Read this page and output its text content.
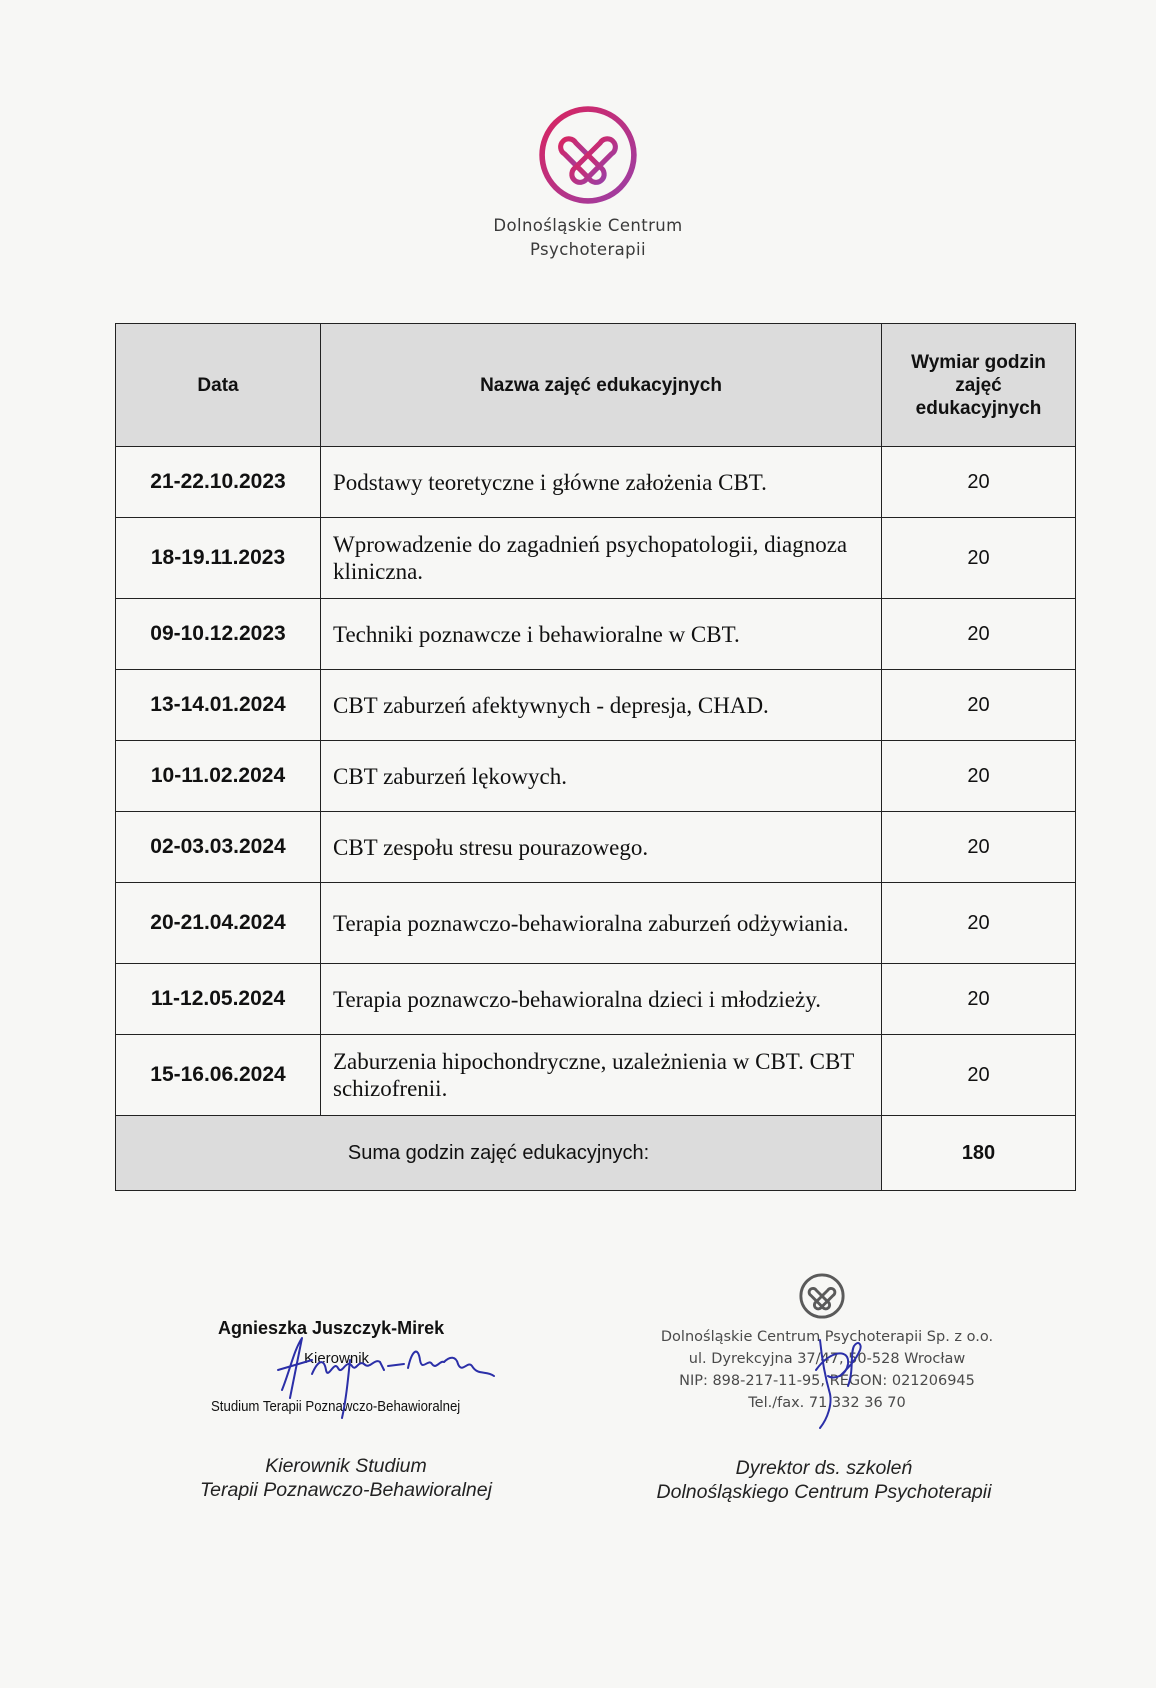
Dolnośląskie Centrum
Psychoterapii
Data	Nazwa zajęć edukacyjnych	Wymiar godzin
zajęć
edukacyjnych

21-22.10.2023	Podstawy teoretyczne i główne założenia CBT.	20
18-19.11.2023	Wprowadzenie do zagadnień psychopatologii, diagnoza kliniczna.	20
09-10.12.2023	Techniki poznawcze i behawioralne w CBT.	20
13-14.01.2024	CBT zaburzeń afektywnych - depresja, CHAD.	20
10-11.02.2024	CBT zaburzeń lękowych.	20
02-03.03.2024	CBT zespołu stresu pourazowego.	20
20-21.04.2024	Terapia poznawczo-behawioralna zaburzeń odżywiania.	20
11-12.05.2024	Terapia poznawczo-behawioralna dzieci i młodzieży.	20
15-16.06.2024	Zaburzenia hipochondryczne, uzależnienia w CBT. CBT schizofrenii.	20
Suma godzin zajęć edukacyjnych:		180
Agnieszka Juszczyk-Mirek
Kierownik
Studium Terapii Poznawczo-Behawioralnej
Kierownik Studium
Terapii Poznawczo-Behawioralnej
Dolnośląskie Centrum Psychoterapii Sp. z o.o.
ul. Dyrekcyjna 37/47, 50-528 Wrocław
NIP: 898-217-11-95, REGON: 021206945
Tel./fax. 71 332 36 70
Dyrektor ds. szkoleń
Dolnośląskiego Centrum Psychoterapii
